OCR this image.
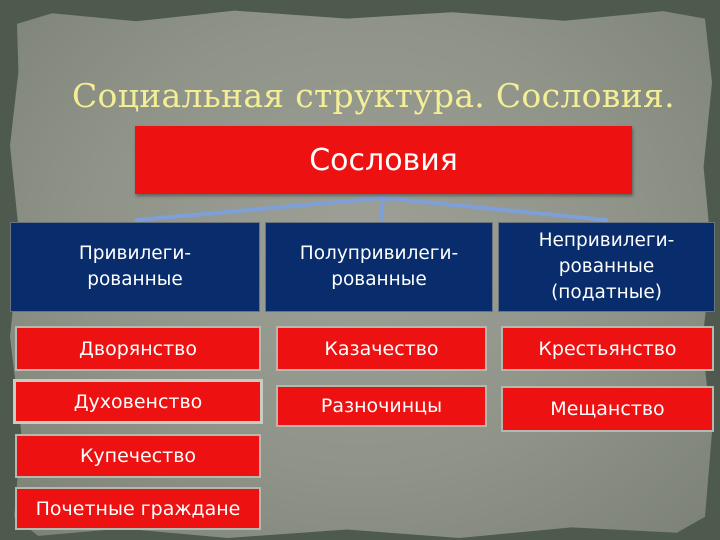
Социальная структура. Сословия.
Сословия
Привилеги-
рованные
Полупривилеги-
рованные
Непривилеги-
рованные
(податные)
Дворянство
Духовенство
Купечество
Почетные граждане
Казачество
Разночинцы
Крестьянство
Мещанство
